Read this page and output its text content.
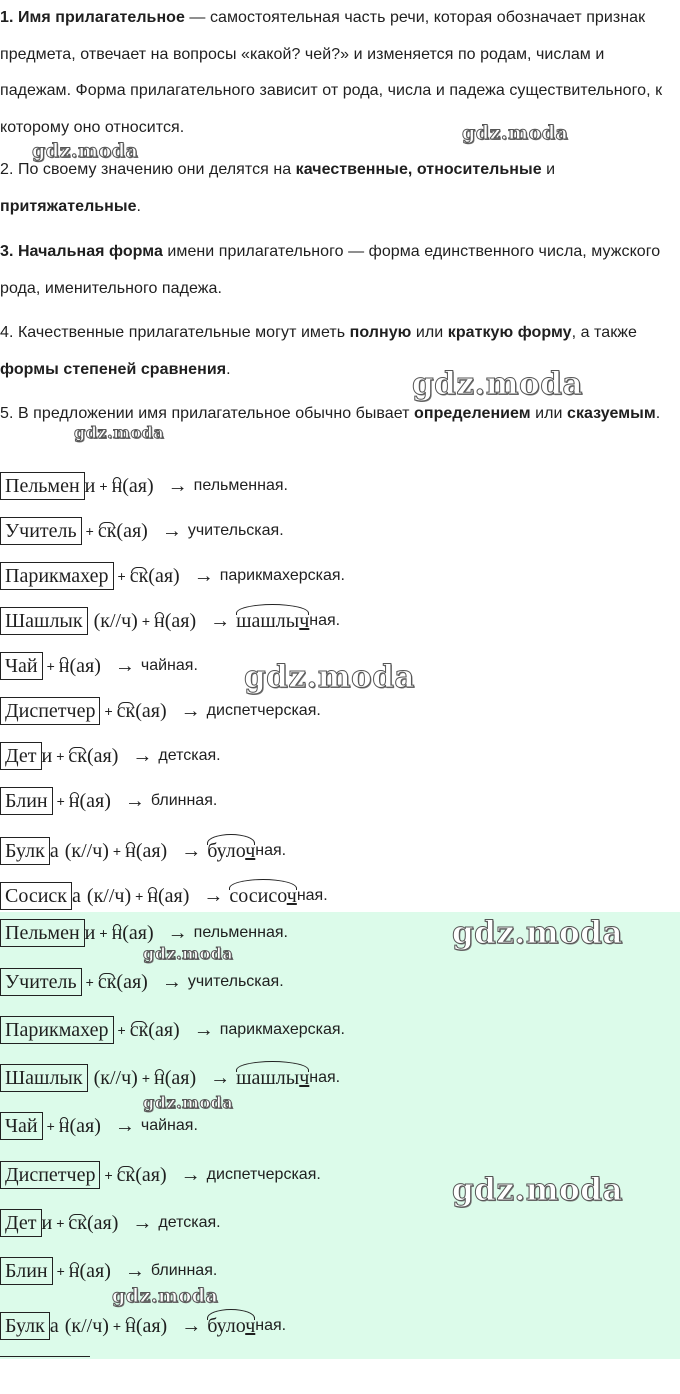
1. Имя прилагательное — самостоятельная часть речи, которая обозначает признак предмета, отвечает на вопросы «какой? чей?» и изменяется по родам, числам и падежам. Форма прилагательного зависит от рода, числа и падежа существительного, к которому оно относится.
2. По своему значению они делятся на качественные, относительные и притяжательные.
3. Начальная форма имени прилагательного — форма единственного числа, мужского рода, именительного падежа.
4. Качественные прилагательные могут иметь полную или краткую форму, а также формы степеней сравнения.
5. В предложении имя прилагательное обычно бывает определением или сказуемым.
Пельмен и + н (ая) → пельменная.
Учитель + ск (ая) → учительская.
Парикмахер + ск (ая) → парикмахерская.
Шашлык (к//ч) + н (ая) → шашлыч ная.
Чай + н (ая) → чайная.
Диспетчер + ск (ая) → диспетчерская.
Дет и + ск (ая) → детская.
Блин + н (ая) → блинная.
Булк а (к//ч) + н (ая) → булоч ная.
Сосиск а (к//ч) + н (ая) → сосисоч ная.
Пельмен и + н (ая) → пельменная.
Учитель + ск (ая) → учительская.
Парикмахер + ск (ая) → парикмахерская.
Шашлык (к//ч) + н (ая) → шашлыч ная.
Чай + н (ая) → чайная.
Диспетчер + ск (ая) → диспетчерская.
Дет и + ск (ая) → детская.
Блин + н (ая) → блинная.
Булк а (к//ч) + н (ая) → булоч ная.
gdz.moda
gdz.moda
gdz.moda
gdz.moda
gdz.moda
gdz.moda
gdz.moda
gdz.moda
gdz.moda
gdz.moda
